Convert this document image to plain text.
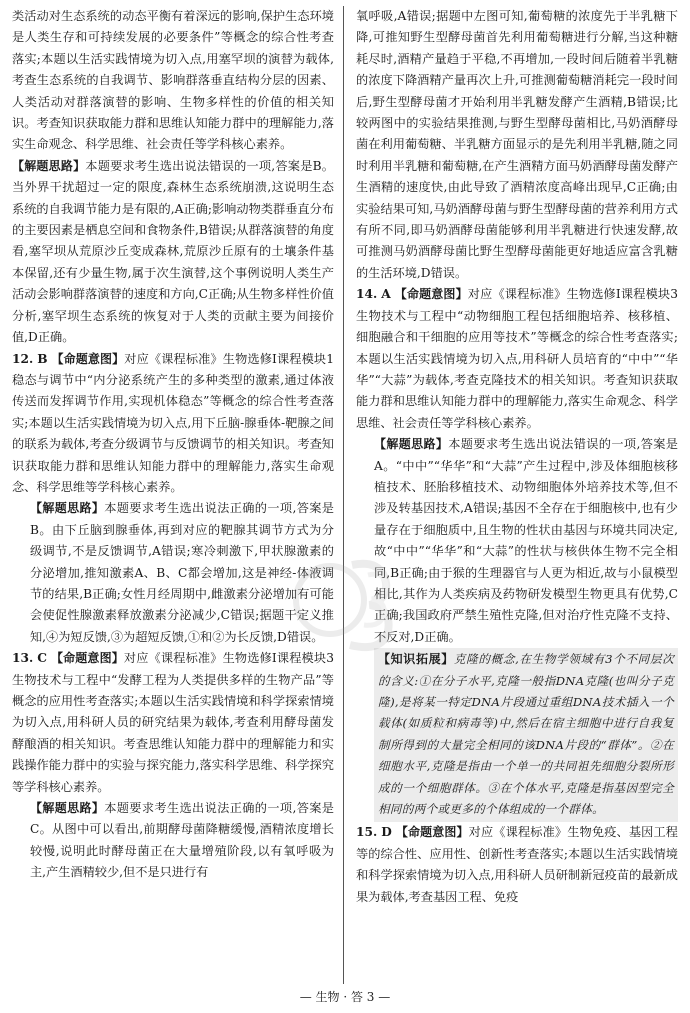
类活动对生态系统的动态平衡有着深远的影响,保护生态环境是人类生存和可持续发展的必要条件”等概念的综合性考查落实;本题以生活实践情境为切入点,用塞罕坝的演替为载体,考查生态系统的自我调节、影响群落垂直结构分层的因素、人类活动对群落演替的影响、生物多样性的价值的相关知识。考查知识获取能力群和思维认知能力群中的理解能力,落实生命观念、科学思维、社会责任等学科核心素养。

【 解题思路 】 本题要求考生选出说法错误的一项,答案是B。当外界干扰超过一定的限度,森林生态系统崩溃,这说明生态系统的自我调节能力是有限的,A正确;影响动物类群垂直分布的主要因素是栖息空间和食物条件,B错误;从群落演替的角度看,塞罕坝从荒原沙丘变成森林,荒原沙丘原有的土壤条件基本保留,还有少量生物,属于次生演替,这个事例说明人类生产活动会影响群落演替的速度和方向,C正确;从生物多样性价值分析,塞罕坝生态系统的恢复对于人类的贡献主要为间接价值,D正确。

12. B 【 命题意图 】 对应《课程标准》生物选修Ⅰ课程模块1稳态与调节中“内分泌系统产生的多种类型的激素,通过体液传送而发挥调节作用,实现机体稳态”等概念的综合性考查落实;本题以生活实践情境为切入点,用下丘脑-腺垂体-靶腺之间的联系为载体,考查分级调节与反馈调节的相关知识。考查知识获取能力群和思维认知能力群中的理解能力,落实生命观念、科学思维等学科核心素养。

【 解题思路 】 本题要求考生选出说法正确的一项,答案是B。由下丘脑到腺垂体,再到对应的靶腺其调节方式为分级调节,不是反馈调节,A错误;寒冷刺激下,甲状腺激素的分泌增加,推知激素A、B、C都会增加,这是神经-体液调节的结果,B正确;女性月经周期中,雌激素分泌增加有可能会使促性腺激素释放激素分泌减少,C错误;据题干定义推知,④为短反馈,③为超短反馈,①和②为长反馈,D错误。

13. C 【 命题意图 】 对应《课程标准》生物选修Ⅰ课程模块3生物技术与工程中“发酵工程为人类提供多样的生物产品”等概念的应用性考查落实;本题以生活实践情境和科学探索情境为切入点,用科研人员的研究结果为载体,考查利用酵母菌发酵酿酒的相关知识。考查思维认知能力群中的理解能力和实践操作能力群中的实验与探究能力,落实科学思维、科学探究等学科核心素养。

【 解题思路 】 本题要求考生选出说法正确的一项,答案是C。从图中可以看出,前期酵母菌降糖缓慢,酒精浓度增长较慢,说明此时酵母菌正在大量增殖阶段,以有氧呼吸为主,产生酒精较少,但不是只进行有

氧呼吸,A错误;据题中左图可知,葡萄糖的浓度先于半乳糖下降,可推知野生型酵母菌首先利用葡萄糖进行分解,当这种糖耗尽时,酒精产量趋于平稳,不再增加,一段时间后随着半乳糖的浓度下降酒精产量再次上升,可推测葡萄糖消耗完一段时间后,野生型酵母菌才开始利用半乳糖发酵产生酒精,B错误;比较两图中的实验结果推测,与野生型酵母菌相比,马奶酒酵母菌在利用葡萄糖、半乳糖方面显示的是先利用半乳糖,随之同时利用半乳糖和葡萄糖,在产生酒精方面马奶酒酵母菌发酵产生酒精的速度快,由此导致了酒精浓度高峰出现早,C正确;由实验结果可知,马奶酒酵母菌与野生型酵母菌的营养利用方式有所不同,即马奶酒酵母菌能够利用半乳糖进行快速发酵,故可推测马奶酒酵母菌比野生型酵母菌能更好地适应富含乳糖的生活环境,D错误。

14. A 【 命题意图 】 对应《课程标准》生物选修Ⅰ课程模块3生物技术与工程中“动物细胞工程包括细胞培养、核移植、细胞融合和干细胞的应用等技术”等概念的综合性考查落实;本题以生活实践情境为切入点,用科研人员培育的“中中”“华华”“大蒜”为载体,考查克隆技术的相关知识。考查知识获取能力群和思维认知能力群中的理解能力,落实生命观念、科学思维、社会责任等学科核心素养。

【 解题思路 】 本题要求考生选出说法错误的一项,答案是A。“中中”“华华”和“大蒜”产生过程中,涉及体细胞核移植技术、胚胎移植技术、动物细胞体外培养技术等,但不涉及转基因技术,A错误;基因不全存在于细胞核中,也有少量存在于细胞质中,且生物的性状由基因与环境共同决定,故“中中”“华华”和“大蒜”的性状与核供体生物不完全相同,B正确;由于猴的生理器官与人更为相近,故与小鼠模型相比,其作为人类疾病及药物研发模型生物更具有优势,C正确;我国政府严禁生殖性克隆,但对治疗性克隆不支持、不反对,D正确。

【 知识拓展 】 克隆的概念,在生物学领域有3个不同层次的含义:①在分子水平,克隆一般指DNA克隆(也叫分子克隆),是将某一特定DNA片段通过重组DNA技术插入一个载体(如质粒和病毒等)中,然后在宿主细胞中进行自我复制所得到的大量完全相同的该DNA片段的“群体”。②在细胞水平,克隆是指由一个单一的共同祖先细胞分裂所形成的一个细胞群体。③在个体水平,克隆是指基因型完全相同的两个或更多的个体组成的一个群体。

15. D 【 命题意图 】 对应《课程标准》生物免疫、基因工程等的综合性、应用性、创新性考查落实;本题以生活实践情境和科学探索情境为切入点,用科研人员研制新冠疫苗的最新成果为载体,考查基因工程、免疫

— 生物 · 答 3 —
